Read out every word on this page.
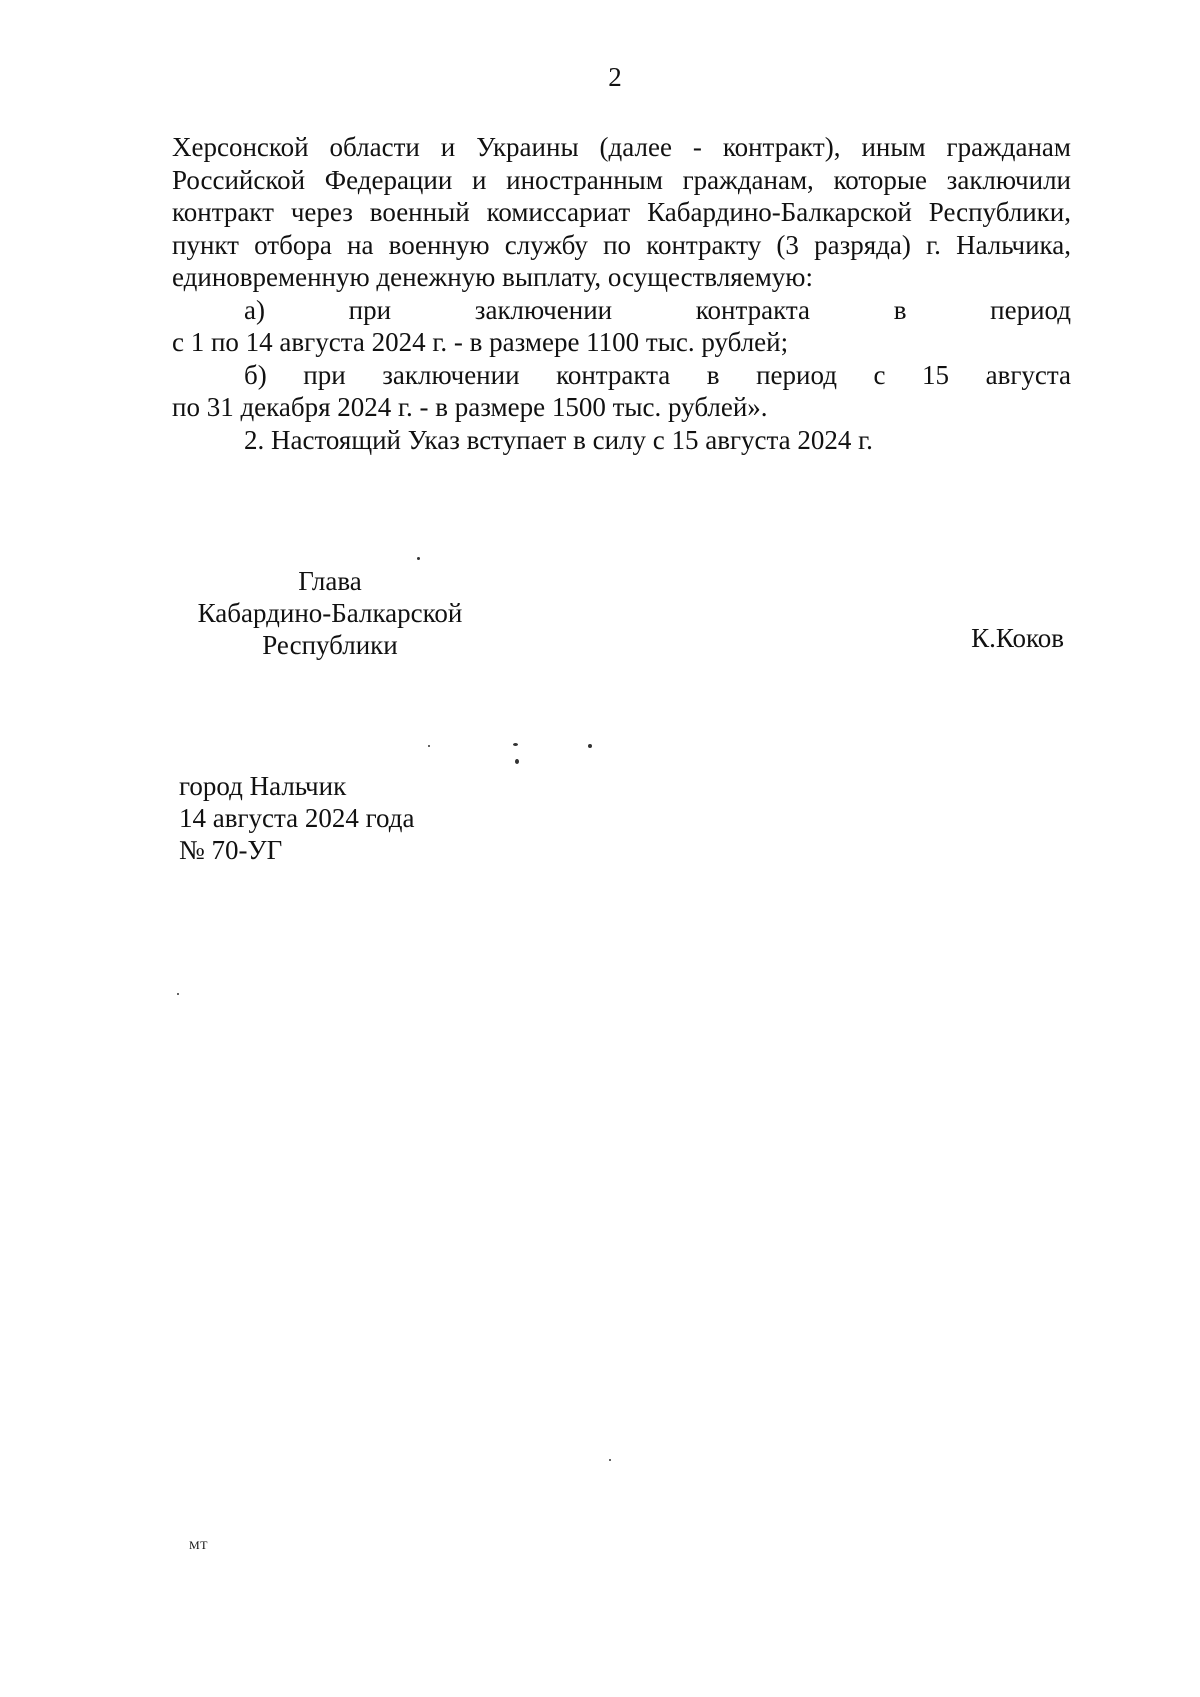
2

Херсонской области и Украины (далее - контракт), иным гражданам
Российской Федерации и иностранным гражданам, которые заключили
контракт через военный комиссариат Кабардино-Балкарской Республики,
пункт отбора на военную службу по контракту (3 разряда) г. Нальчика,
единовременную денежную выплату, осуществляемую:

а) при заключении контракта в период
с 1 по 14 августа 2024 г. - в размере 1100 тыс. рублей;

б) при заключении контракта в период с 15 августа
по 31 декабря 2024 г. - в размере 1500 тыс. рублей».

2. Настоящий Указ вступает в силу с 15 августа 2024 г.

Глава
Кабардино-Балкарской
Республики	К.Коков
город Нальчик
14 августа 2024 года
№ 70-УГ
МТ
